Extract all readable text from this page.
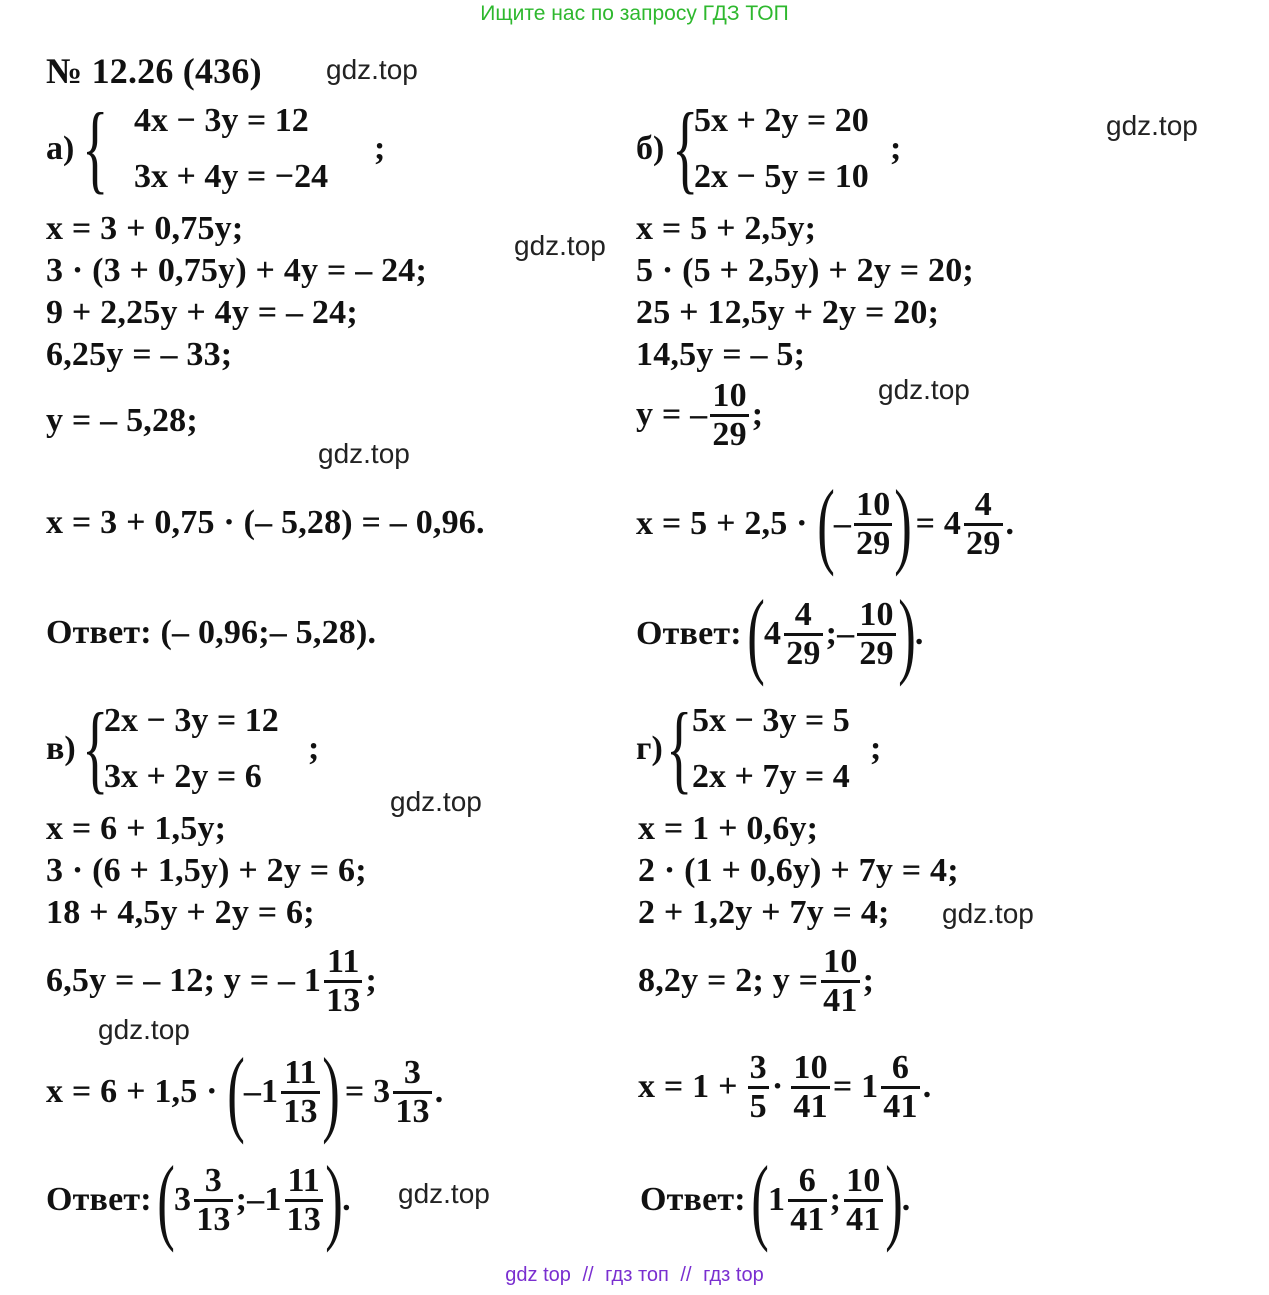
Ищите нас по запросу ГДЗ ТОП
№ 12.26 (436) gdz.top
gdz.top
gdz.top
gdz.top
gdz.top
gdz.top
gdz.top
gdz.top
gdz.top
а) { 4x − 3y = 12
3x + 4y = −24
;
x = 3 + 0,75y;
3 · (3 + 0,75y) + 4y = – 24;
9 + 2,25y + 4y = – 24;
6,25y = – 33;
y = – 5,28;
x = 3 + 0,75 · (– 5,28) = – 0,96.
Ответ: (– 0,96;– 5,28).
б) {
5x + 2y = 20
2x − 5y = 10
;
x = 5 + 2,5y;
5 · (5 + 2,5y) + 2y = 20;
25 + 12,5y + 2y = 20;
14,5y = – 5;
y = – $\frac{10}{29}$ ;
x = 5 + 2,5 · ( – $\frac{10}{29}$ ) = $4 \frac{4}{29}$ .
Ответ: ( $4 \frac{4}{29}$ ;– $\frac{10}{29}$ ) .
в) {
2x − 3y = 12
3x + 2y = 6
;
x = 6 + 1,5y;
3 · (6 + 1,5y) + 2y = 6;
18 + 4,5y + 2y = 6;
6,5y = – 12; y = – $1 \frac{11}{13}$ ;
x = 6 + 1,5 · ( $-1 \frac{11}{13}$ ) = $3 \frac{3}{13}$ .
Ответ: ( $3 \frac{3}{13}$ ;–1 $\frac{11}{13}$ ) .
г) { 5x − 3y = 5
2x + 7y = 4
;
x = 1 + 0,6y;
2 · (1 + 0,6y) + 7y = 4;
2 + 1,2y + 7y = 4;
8,2y = 2; $y = \frac{10}{41}$ ;
$x = 1 + \frac{3}{5} \cdot \frac{10}{41} = 1 \frac{6}{41}$ .
Ответ: ( $1 \frac{6}{41}$ ; $\frac{10}{41}$ ) .
gdz top // гдз топ // гдз top
